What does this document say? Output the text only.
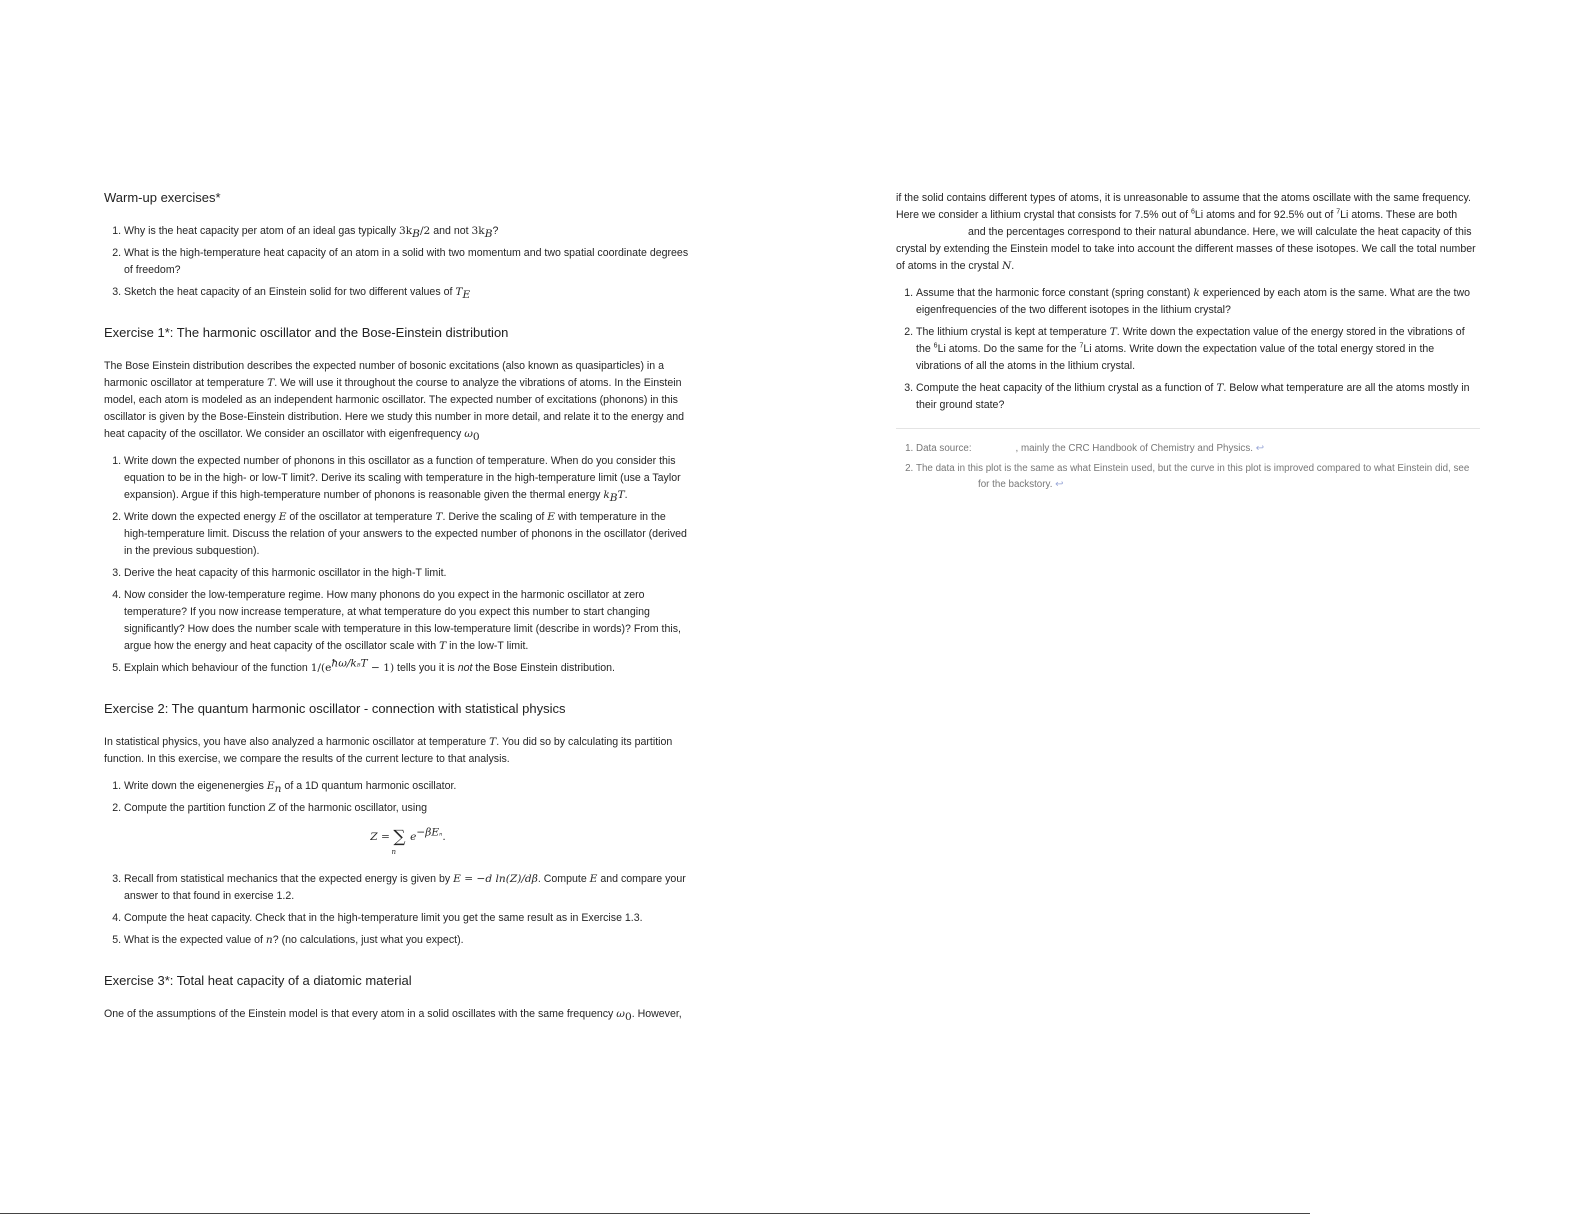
Warm-up exercises*
1. Why is the heat capacity per atom of an ideal gas typically $3k_B/2$ and not $3k_B$?
2. What is the high-temperature heat capacity of an atom in a solid with two momentum and two spatial coordinate degrees of freedom?
3. Sketch the heat capacity of an Einstein solid for two different values of $T_E$
Exercise 1*: The harmonic oscillator and the Bose-Einstein distribution

The Bose Einstein distribution describes the expected number of bosonic excitations (also known as quasiparticles) in a harmonic oscillator at temperature T. We will use it throughout the course to analyze the vibrations of atoms. In the Einstein model, each atom is modeled as an independent harmonic oscillator. The expected number of excitations (phonons) in this oscillator is given by the Bose-Einstein distribution. Here we study this number in more detail, and relate it to the energy and heat capacity of the oscillator. We consider an oscillator with eigenfrequency $\omega_0$

1. Write down the expected number of phonons in this oscillator as a function of temperature. When do you consider this equation to be in the high- or low-T limit?. Derive its scaling with temperature in the high-temperature limit (use a Taylor expansion). Argue if this high-temperature number of phonons is reasonable given the thermal energy $k_BT$.
2. Write down the expected energy E of the oscillator at temperature T. Derive the scaling of E with temperature in the high-temperature limit. Discuss the relation of your answers to the expected number of phonons in the oscillator (derived in the previous subquestion).
3. Derive the heat capacity of this harmonic oscillator in the high-T limit.
4. Now consider the low-temperature regime. How many phonons do you expect in the harmonic oscillator at zero temperature? If you now increase temperature, at what temperature do you expect this number to start changing significantly? How does the number scale with temperature in this low-temperature limit (describe in words)? From this, argue how the energy and heat capacity of the oscillator scale with T in the low-T limit.
5. Explain which behaviour of the function $1/(e^{ħ\omega/kBT} - 1)$ tells you it is not the Bose Einstein distribution.
Exercise 2: The quantum harmonic oscillator - connection with statistical physics

In statistical physics, you have also analyzed a harmonic oscillator at temperature T. You did so by calculating its partition function. In this exercise, we compare the results of the current lecture to that analysis.

1. Write down the eigenenergies $E_n$ of a 1D quantum harmonic oscillator.
2. Compute the partition function Z of the harmonic oscillator, using
$Z = \sum_ne^{-\beta En}$.
3. Recall from statistical mechanics that the expected energy is given by E = −d ln(Z)/dβ. Compute E and compare your answer to that found in exercise 1.2.
4. Compute the heat capacity. Check that in the high-temperature limit you get the same result as in Exercise 1.3.
5. What is the expected value of n? (no calculations, just what you expect).
Exercise 3*: Total heat capacity of a diatomic material

One of the assumptions of the Einstein model is that every atom in a solid oscillates with the same frequency $\omega_0$. However,

if the solid contains different types of atoms, it is unreasonable to assume that the atoms oscillate with the same frequency. Here we consider a lithium crystal that consists for 7.5% out of $^6$Li atoms and for 92.5% out of $^7$Li atoms. These are bothand the percentages correspond to their natural abundance. Here, we will calculate the heat capacity of this crystal by extending the Einstein model to take into account the different masses of these isotopes. We call the total number of atoms in the crystal N.

1. Assume that the harmonic force constant (spring constant) k experienced by each atom is the same. What are the two eigenfrequencies of the two different isotopes in the lithium crystal?
2. The lithium crystal is kept at temperature T. Write down the expectation value of the energy stored in the vibrations of the $^6$Li atoms. Do the same for the $^7$Li atoms. Write down the expectation value of the total energy stored in the vibrations of all the atoms in the lithium crystal.
3. Compute the heat capacity of the lithium crystal as a function of T. Below what temperature are all the atoms mostly in their ground state?
1. Data source:	, mainly the CRC Handbook of Chemistry and Physics. ↩
2. The data in this plot is the same as what Einstein used, but the curve in this plot is improved compared to what Einstein did, see
for the backstory. ↩
